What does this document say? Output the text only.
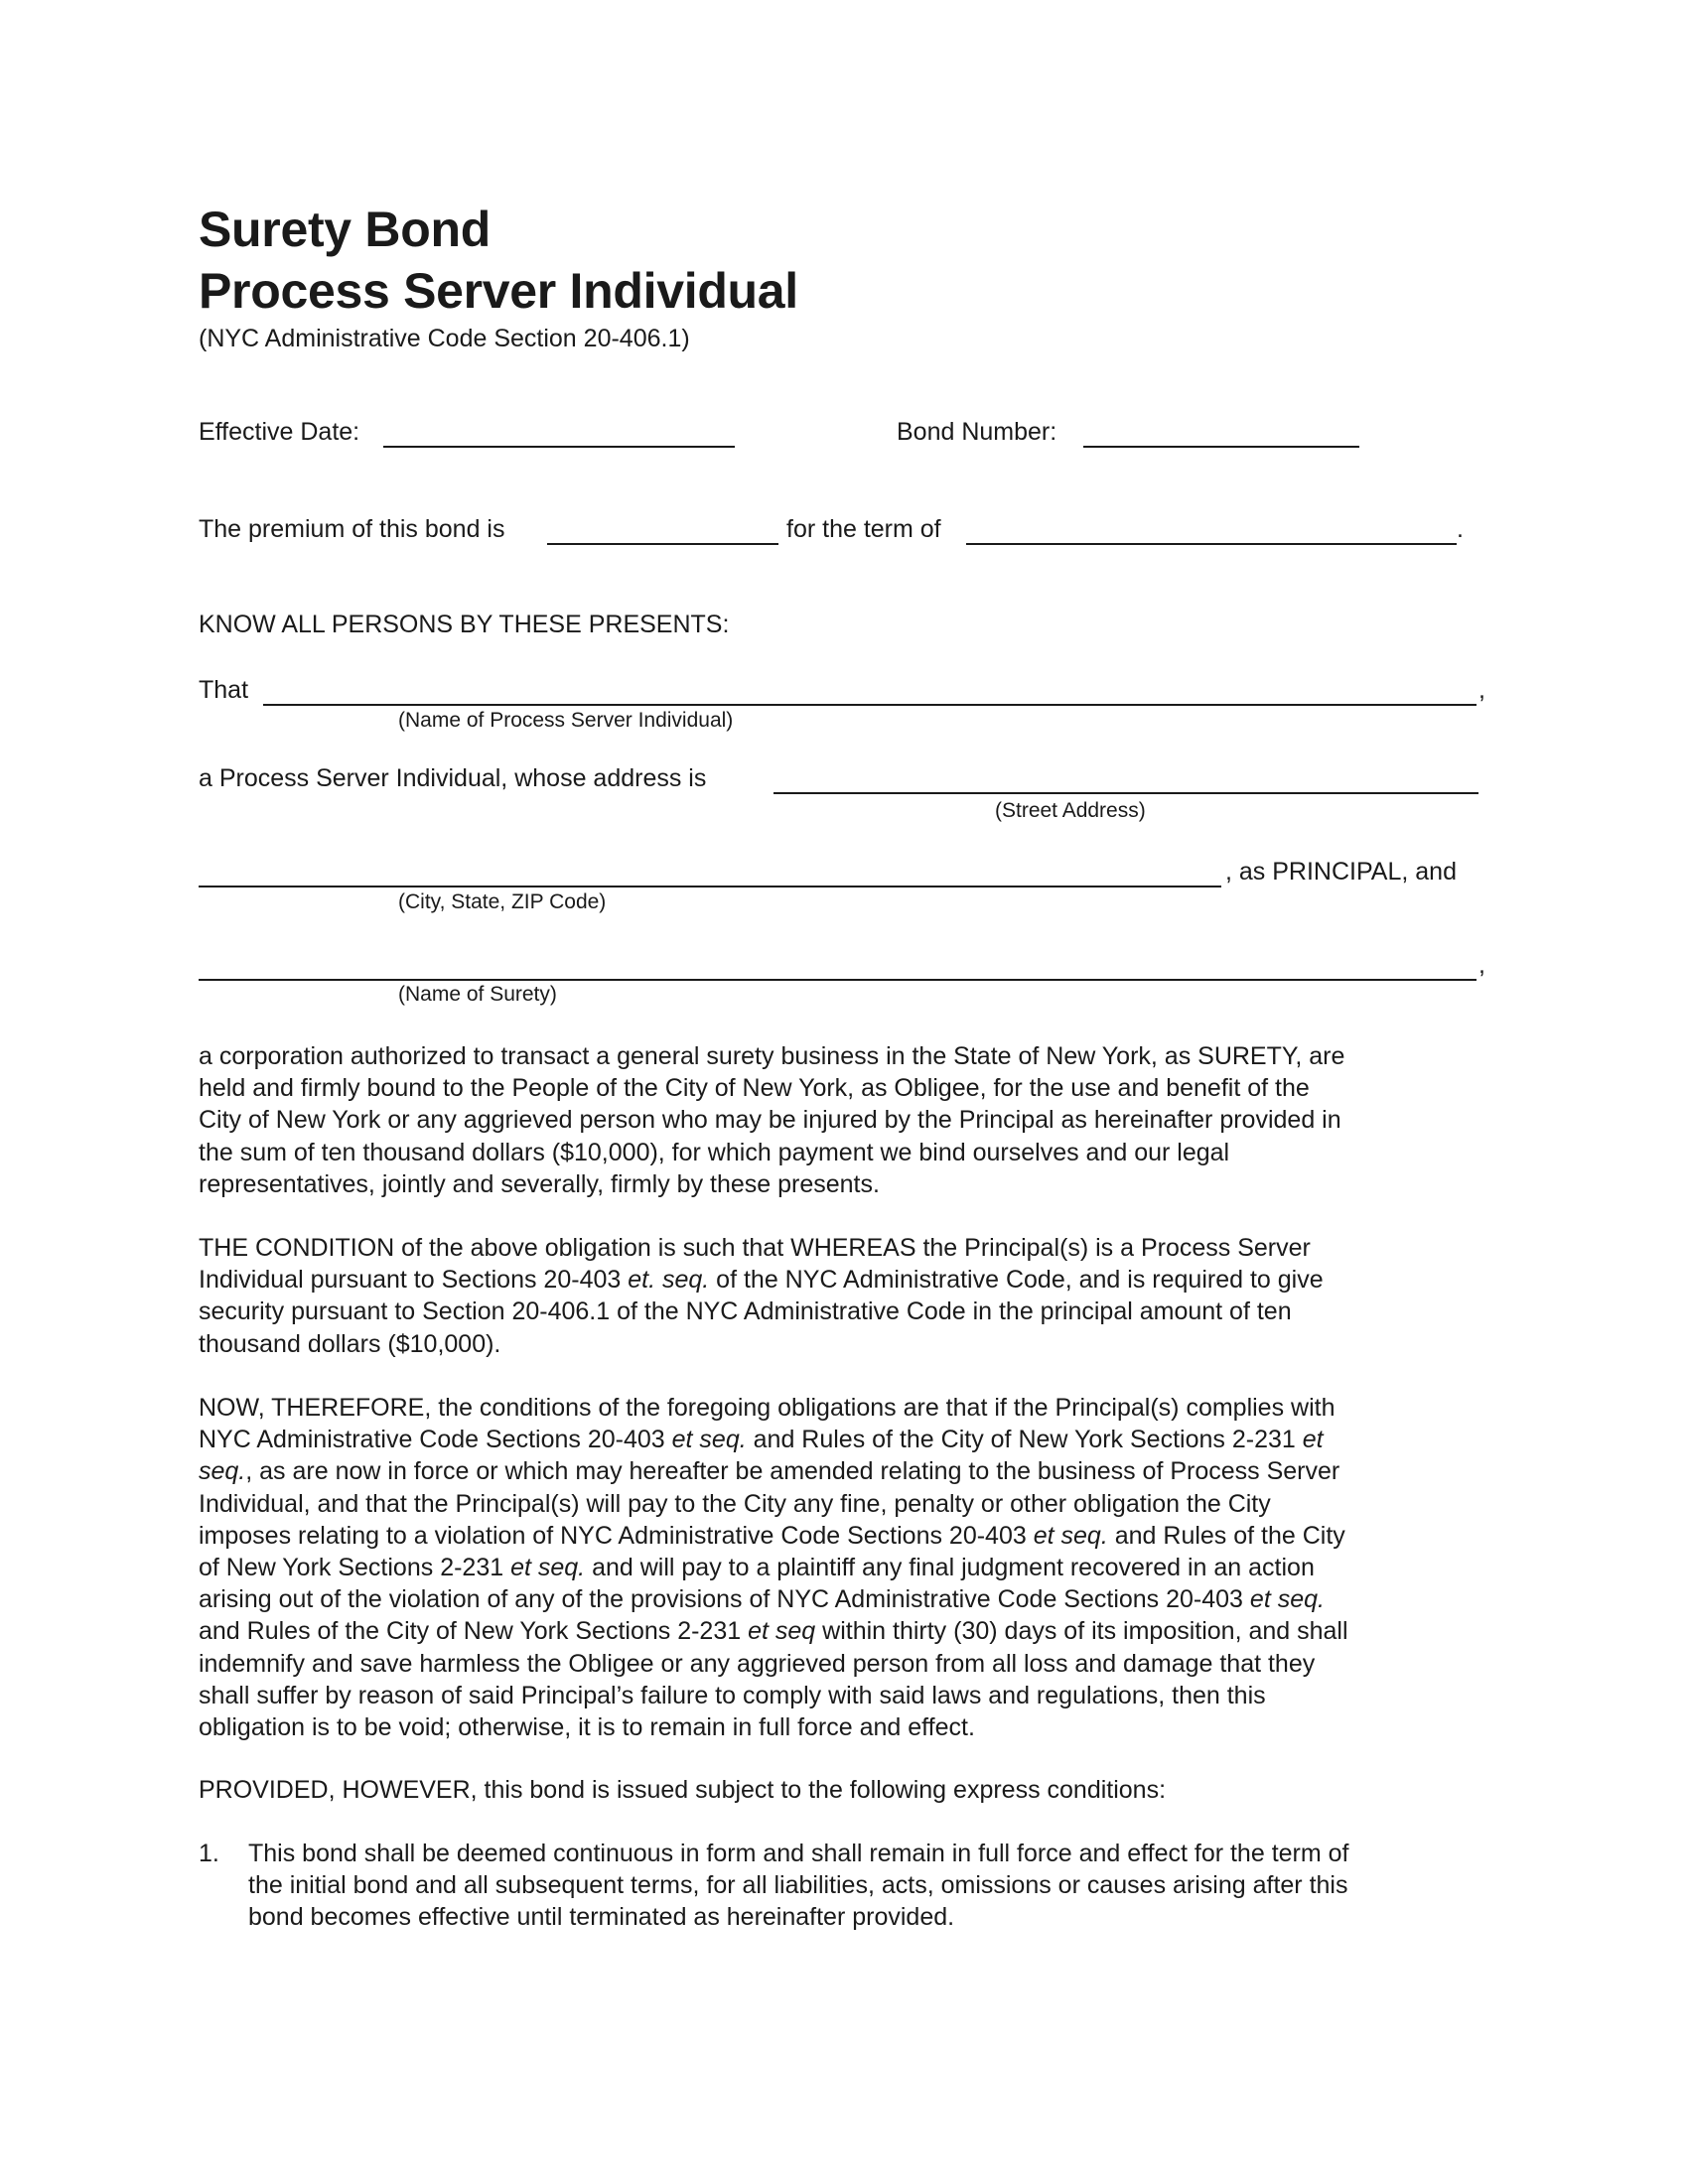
Surety Bond
Process Server Individual
(NYC Administrative Code Section 20-406.1)
Effective Date:	Bond Number:
The premium of this bond is	for the term of	.
KNOW ALL PERSONS BY THESE PRESENTS:
That	,
(Name of Process Server Individual)
a Process Server Individual, whose address is
(Street Address)
, as PRINCIPAL, and
(City, State, ZIP Code)
,
(Name of Surety)
a corporation authorized to transact a general surety business in the State of New York, as SURETY, are
held and firmly bound to the People of the City of New York, as Obligee, for the use and benefit of the
City of New York or any aggrieved person who may be injured by the Principal as hereinafter provided in
the sum of ten thousand dollars ($10,000), for which payment we bind ourselves and our legal
representatives, jointly and severally, firmly by these presents.
THE CONDITION of the above obligation is such that WHEREAS the Principal(s) is a Process Server
Individual pursuant to Sections 20-403 et. seq. of the NYC Administrative Code, and is required to give
security pursuant to Section 20-406.1 of the NYC Administrative Code in the principal amount of ten
thousand dollars ($10,000).
NOW, THEREFORE, the conditions of the foregoing obligations are that if the Principal(s) complies with
NYC Administrative Code Sections 20-403 et seq. and Rules of the City of New York Sections 2-231 et
seq., as are now in force or which may hereafter be amended relating to the business of Process Server
Individual, and that the Principal(s) will pay to the City any fine, penalty or other obligation the City
imposes relating to a violation of NYC Administrative Code Sections 20-403 et seq. and Rules of the City
of New York Sections 2-231 et seq. and will pay to a plaintiff any final judgment recovered in an action
arising out of the violation of any of the provisions of NYC Administrative Code Sections 20-403 et seq.
and Rules of the City of New York Sections 2-231 et seq within thirty (30) days of its imposition, and shall
indemnify and save harmless the Obligee or any aggrieved person from all loss and damage that they
shall suffer by reason of said Principal’s failure to comply with said laws and regulations, then this
obligation is to be void; otherwise, it is to remain in full force and effect.
PROVIDED, HOWEVER, this bond is issued subject to the following express conditions:
1. This bond shall be deemed continuous in form and shall remain in full force and effect for the term of
the initial bond and all subsequent terms, for all liabilities, acts, omissions or causes arising after this
bond becomes effective until terminated as hereinafter provided.
